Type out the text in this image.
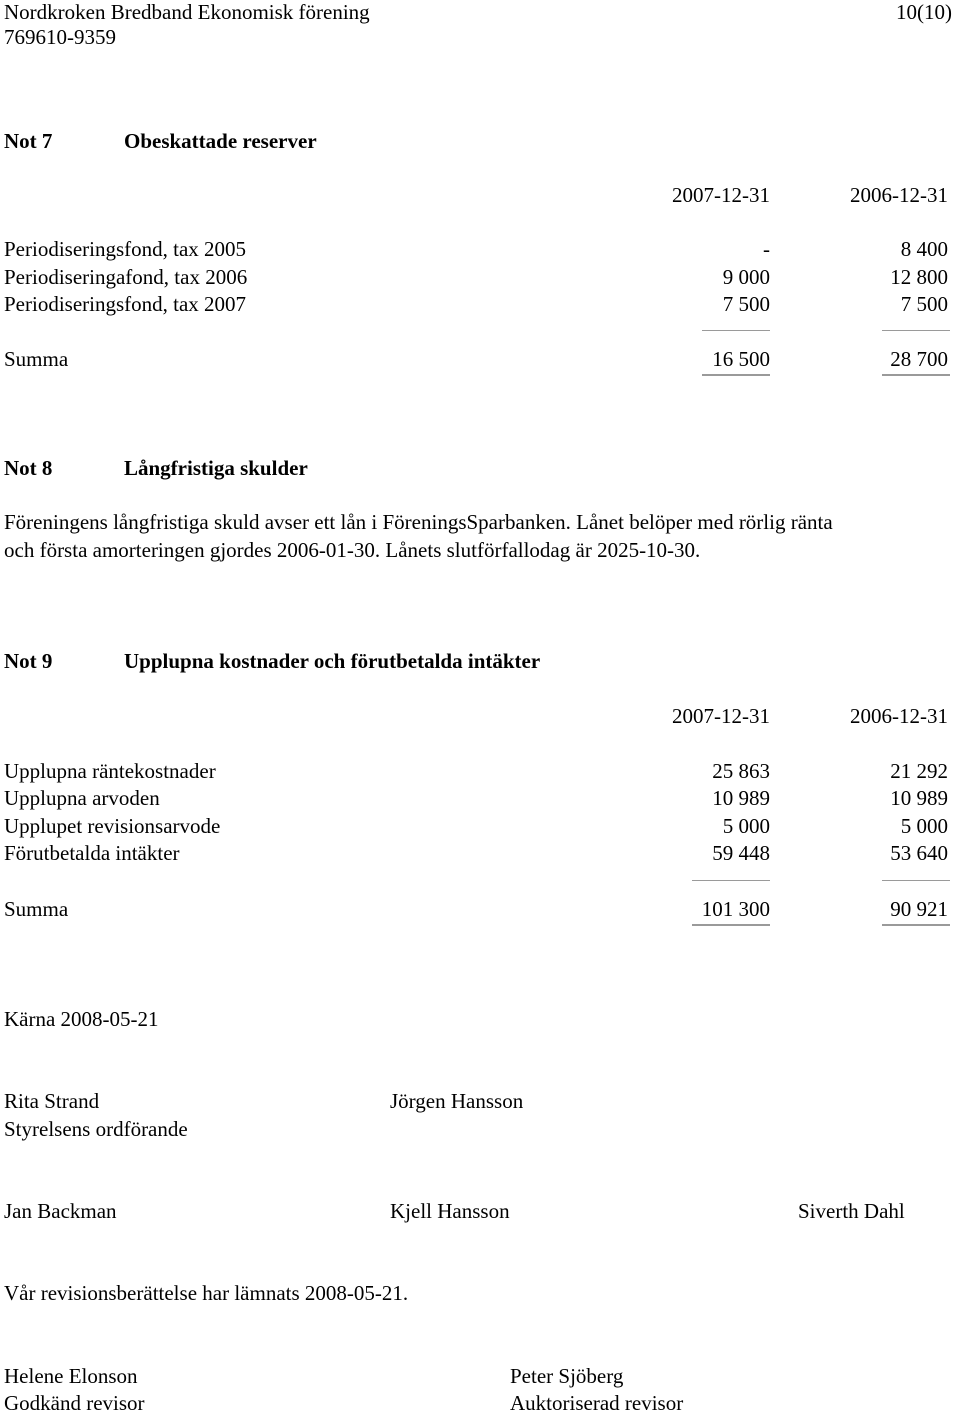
Nordkroken Bredband Ekonomisk förening
769610-9359
10(10)
Not 7	Obeskattade reserver
2007-12-31	2006-12-31
Periodiseringsfond, tax 2005	-	8 400
Periodiseringafond, tax 2006	9 000	12 800
Periodiseringsfond, tax 2007	7 500	7 500
Summa	16 500	28 700
Not 8	Långfristiga skulder
Föreningens långfristiga skuld avser ett lån i FöreningsSparbanken. Lånet belöper med rörlig ränta
och första amorteringen gjordes 2006-01-30. Lånets slutförfallodag är 2025-10-30.
Not 9	Upplupna kostnader och förutbetalda intäkter
2007-12-31	2006-12-31
Upplupna räntekostnader	25 863	21 292
Upplupna arvoden	10 989	10 989
Upplupet revisionsarvode	5 000	5 000
Förutbetalda intäkter	59 448	53 640
Summa	101 300	90 921
Kärna 2008-05-21
Rita Strand
Styrelsens ordförande
Jörgen Hansson
Jan Backman	Kjell Hansson	Siverth Dahl
Vår revisionsberättelse har lämnats 2008-05-21.
Helene Elonson
Godkänd revisor
Peter Sjöberg
Auktoriserad revisor
